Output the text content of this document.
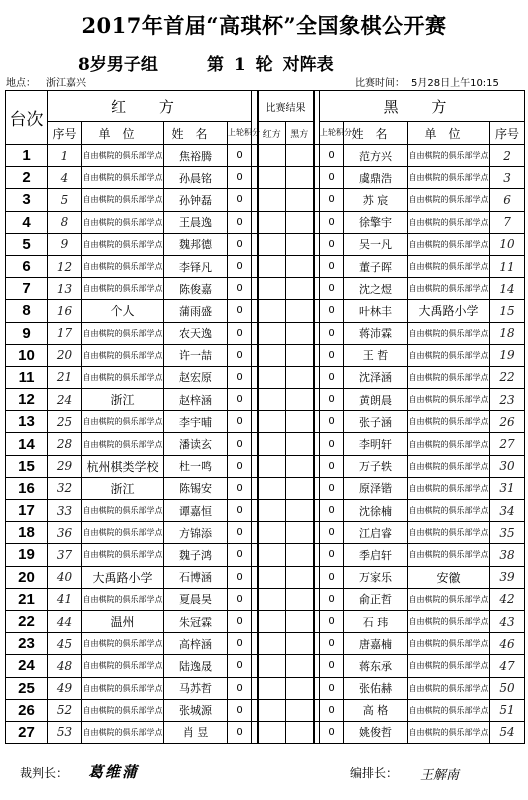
2017年首届“高琪杯”全国象棋公开赛
8岁男子组	第 1 轮 对阵表
地点： 浙江嘉兴	比赛时间： 5月28日上午10:15
台次	红 方					比赛结果			黑 方			
	序号	单位	姓名	上轮积分		红方	黑方		上轮积分	姓名	单位	序号
1	1	自由棋院的俱乐部学点	焦裕腾	0					0	范方兴	自由棋院的俱乐部学点	2
2	4	自由棋院的俱乐部学点	孙晨铭	0					0	虞鼎浩	自由棋院的俱乐部学点	3
3	5	自由棋院的俱乐部学点	孙钟磊	0					0	苏 宸	自由棋院的俱乐部学点	6
4	8	自由棋院的俱乐部学点	王晨逸	0					0	徐擎宇	自由棋院的俱乐部学点	7
5	9	自由棋院的俱乐部学点	魏邦德	0					0	吴一凡	自由棋院的俱乐部学点	10
6	12	自由棋院的俱乐部学点	李铎凡	0					0	董子晖	自由棋院的俱乐部学点	11
7	13	自由棋院的俱乐部学点	陈俊嘉	0					0	沈之煜	自由棋院的俱乐部学点	14
8	16	个人	蒲雨盛	0					0	叶林丰	大禹路小学	15
9	17	自由棋院的俱乐部学点	农天逸	0					0	蒋沛霖	自由棋院的俱乐部学点	18
10	20	自由棋院的俱乐部学点	许一喆	0					0	王 哲	自由棋院的俱乐部学点	19
11	21	自由棋院的俱乐部学点	赵宏原	0					0	沈泽涵	自由棋院的俱乐部学点	22
12	24	浙江	赵梓涵	0					0	黄朗晨	自由棋院的俱乐部学点	23
13	25	自由棋院的俱乐部学点	李宇晡	0					0	张子涵	自由棋院的俱乐部学点	26
14	28	自由棋院的俱乐部学点	潘读玄	0					0	李明轩	自由棋院的俱乐部学点	27
15	29	杭州棋类学校	杜一鸣	0					0	万子轶	自由棋院的俱乐部学点	30
16	32	浙江	陈锡安	0					0	原泽锴	自由棋院的俱乐部学点	31
17	33	自由棋院的俱乐部学点	谭嘉恒	0					0	沈徐楠	自由棋院的俱乐部学点	34
18	36	自由棋院的俱乐部学点	方锦添	0					0	江启睿	自由棋院的俱乐部学点	35
19	37	自由棋院的俱乐部学点	魏子鸿	0					0	季启轩	自由棋院的俱乐部学点	38
20	40	大禹路小学	石博涵	0					0	万家乐	安徽	39
21	41	自由棋院的俱乐部学点	夏晨昊	0					0	俞正哲	自由棋院的俱乐部学点	42
22	44	温州	朱冠霖	0					0	石 玮	自由棋院的俱乐部学点	43
23	45	自由棋院的俱乐部学点	高梓涵	0					0	唐嘉楠	自由棋院的俱乐部学点	46
24	48	自由棋院的俱乐部学点	陆逸晟	0					0	蒋东承	自由棋院的俱乐部学点	47
25	49	自由棋院的俱乐部学点	马苏哲	0					0	张佑赫	自由棋院的俱乐部学点	50
26	52	自由棋院的俱乐部学点	张城源	0					0	高 格	自由棋院的俱乐部学点	51
27	53	自由棋院的俱乐部学点	肖 昱	0					0	姚俊哲	自由棋院的俱乐部学点	54
裁判长： 葛维蒲	编排长： 王解南
